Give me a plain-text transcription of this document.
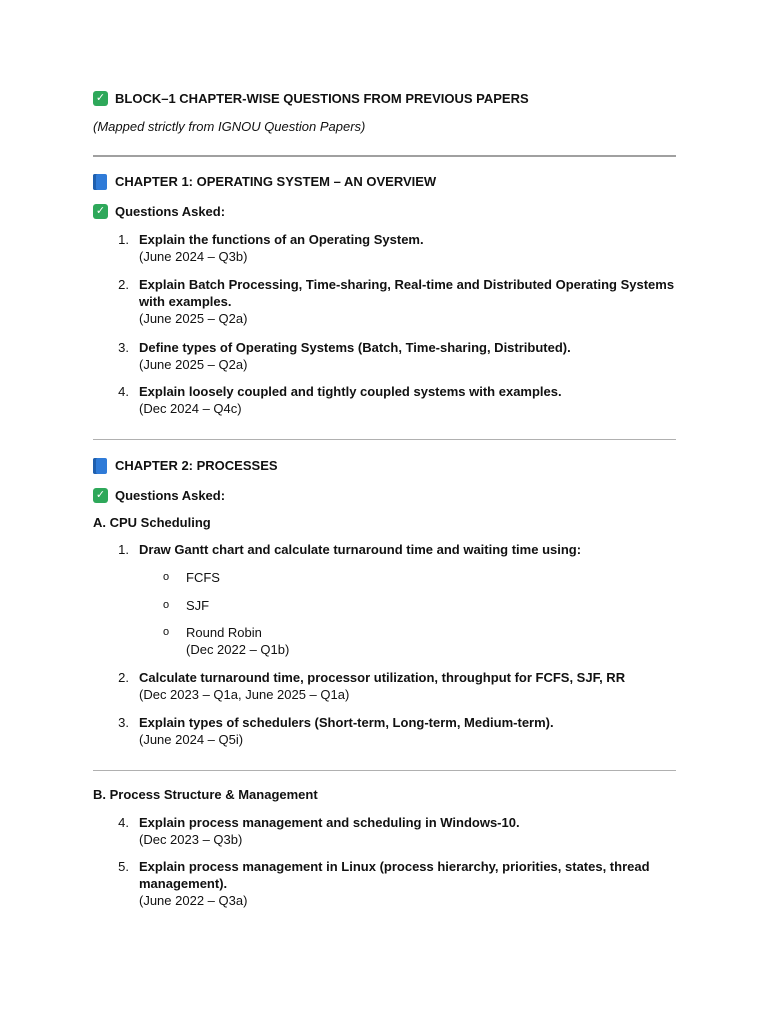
✓ BLOCK–1 CHAPTER-WISE QUESTIONS FROM PREVIOUS PAPERS
(Mapped strictly from IGNOU Question Papers)
CHAPTER 1: OPERATING SYSTEM – AN OVERVIEW
✓ Questions Asked:
1. Explain the functions of an Operating System.
(June 2024 – Q3b)
2. Explain Batch Processing, Time-sharing, Real-time and Distributed Operating Systems with examples.
(June 2025 – Q2a)
3. Define types of Operating Systems (Batch, Time-sharing, Distributed).
(June 2025 – Q2a)
4. Explain loosely coupled and tightly coupled systems with examples.
(Dec 2024 – Q4c)
CHAPTER 2: PROCESSES
✓ Questions Asked:
A. CPU Scheduling
1. Draw Gantt chart and calculate turnaround time and waiting time using:
o FCFS
o SJF
o Round Robin
(Dec 2022 – Q1b)
2. Calculate turnaround time, processor utilization, throughput for FCFS, SJF, RR
(Dec 2023 – Q1a, June 2025 – Q1a)
3. Explain types of schedulers (Short-term, Long-term, Medium-term).
(June 2024 – Q5i)
B. Process Structure & Management
4. Explain process management and scheduling in Windows-10.
(Dec 2023 – Q3b)
5. Explain process management in Linux (process hierarchy, priorities, states, thread management).
(June 2022 – Q3a)
